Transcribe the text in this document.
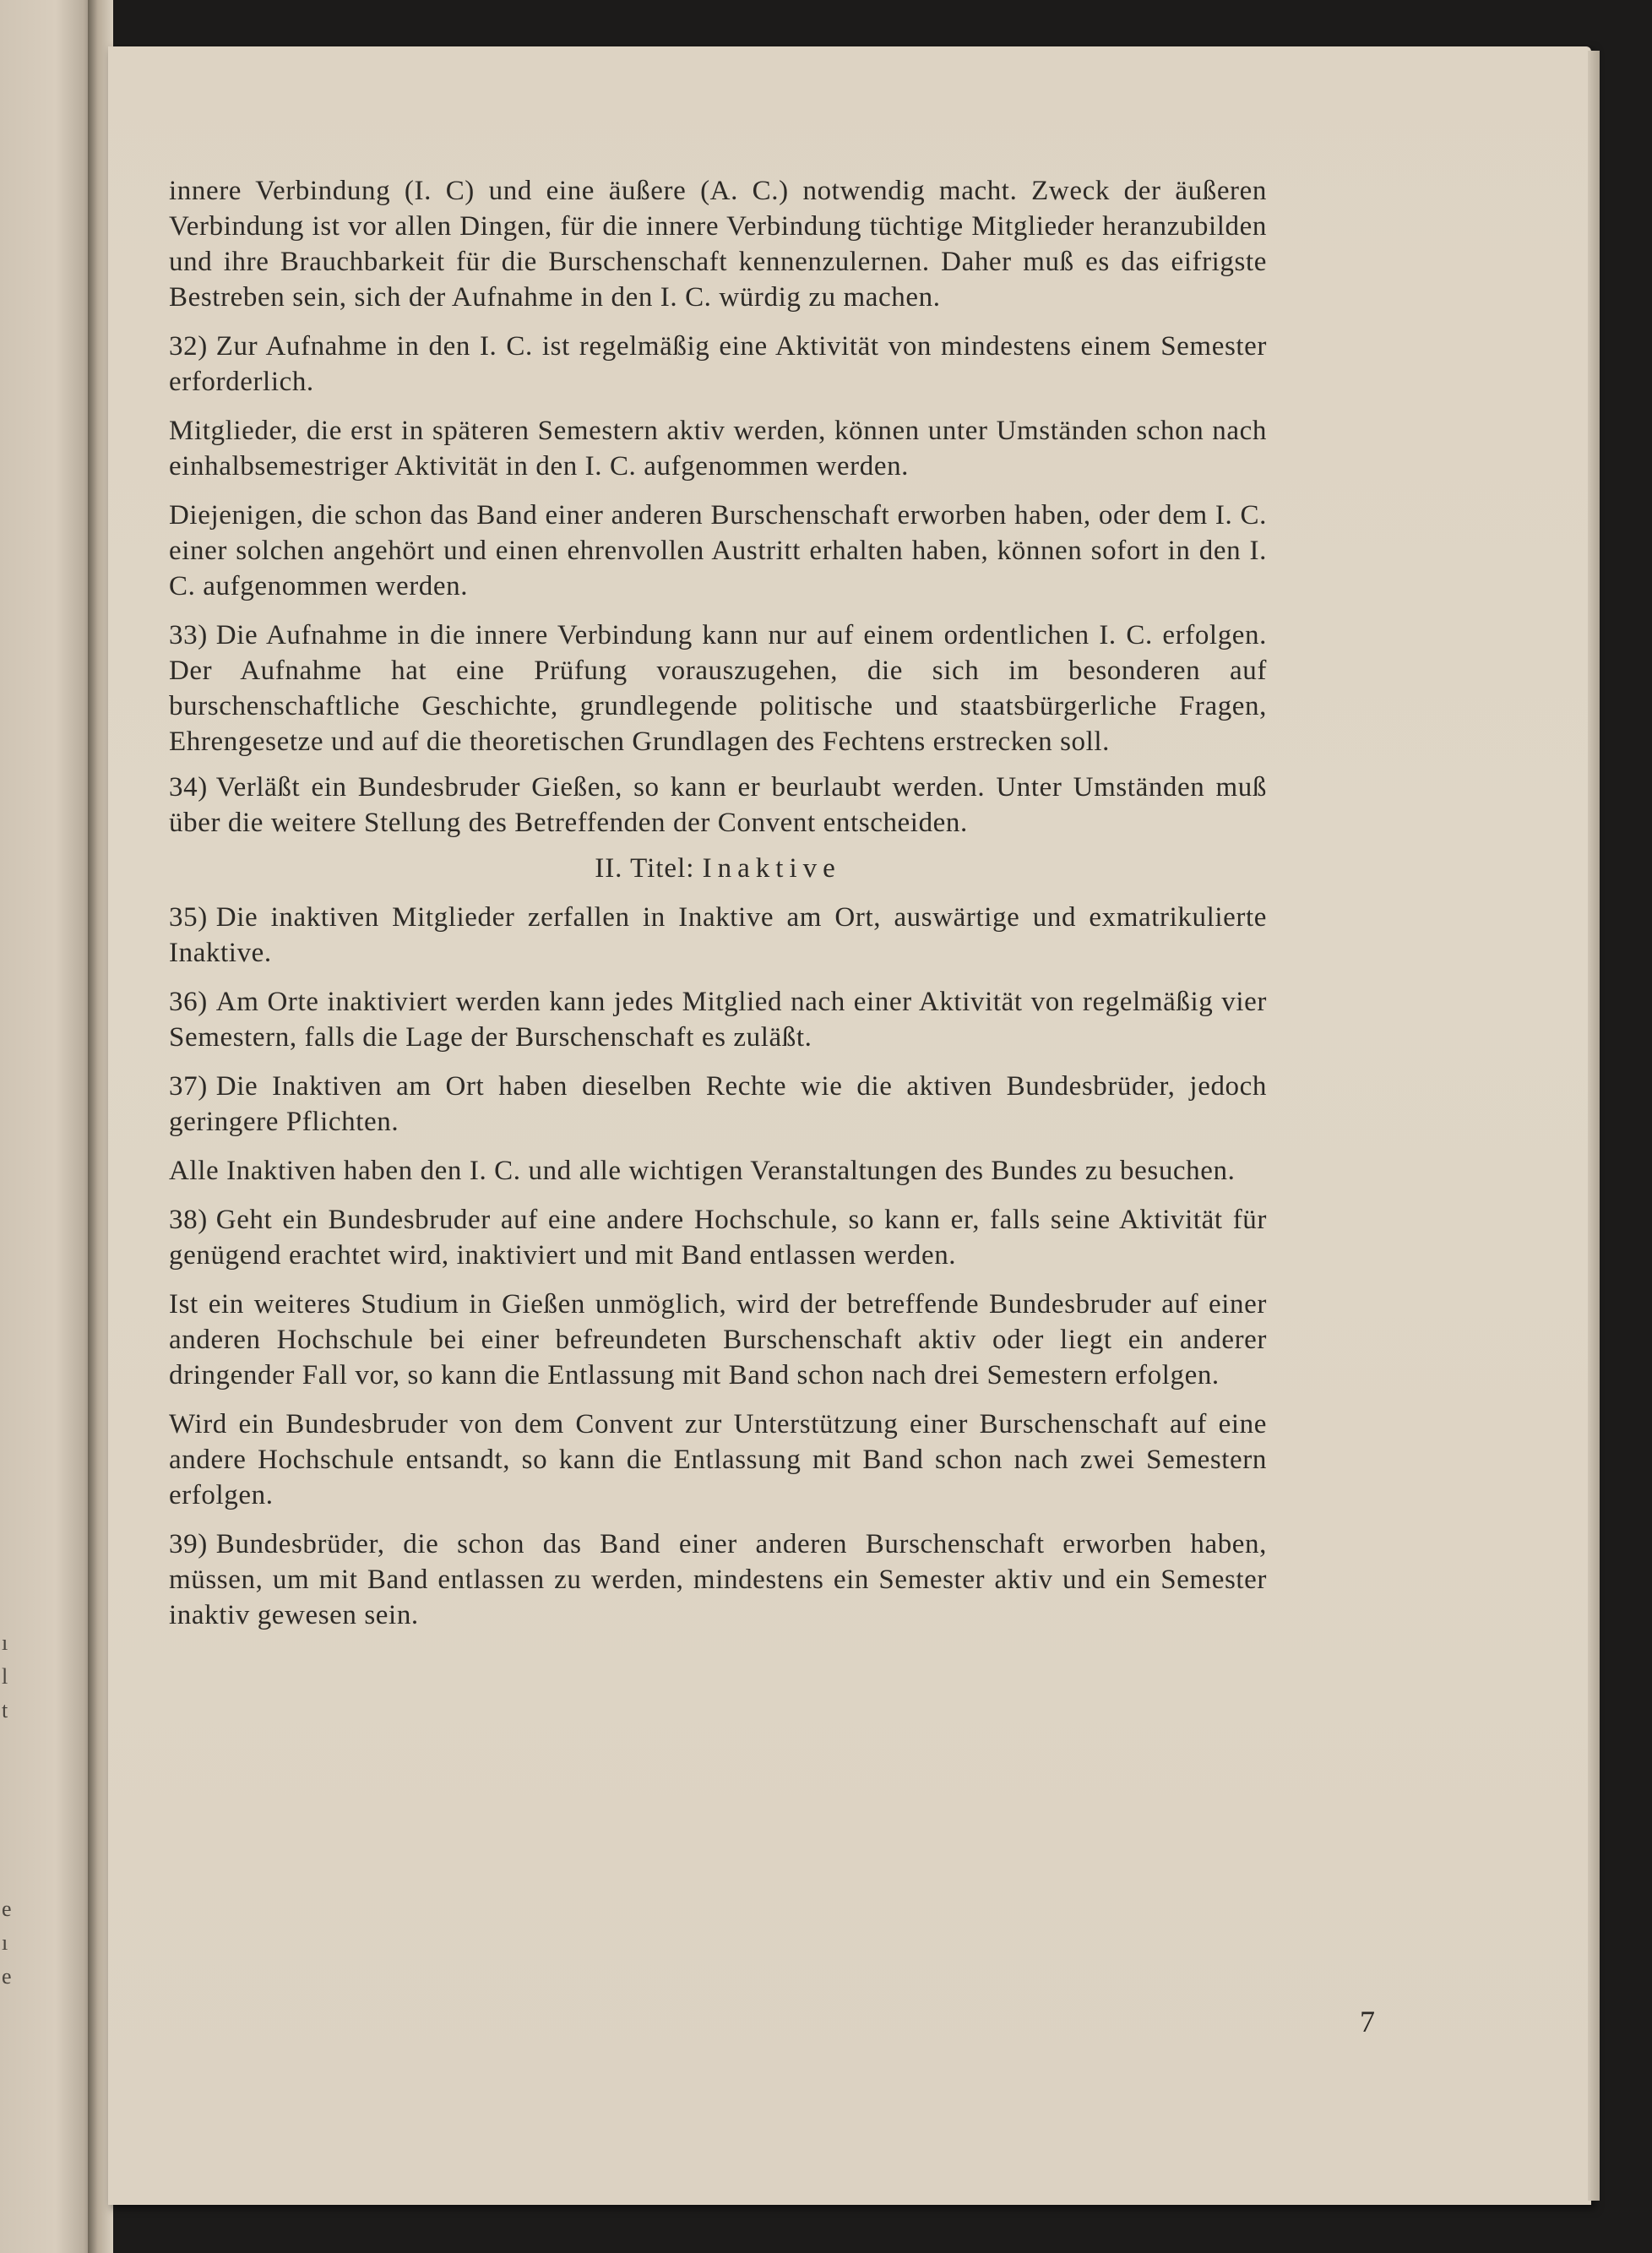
ı
l
t
e
ı
e

innere Verbindung (I. C) und eine äußere (A. C.) notwendig macht. Zweck der äußeren Verbindung ist vor allen Dingen, für die innere Verbindung tüchtige Mitglieder heranzubilden und ihre Brauchbarkeit für die Burschenschaft kennenzulernen. Daher muß es das eifrigste Bestreben sein, sich der Aufnahme in den I. C. würdig zu machen.

32) Zur Aufnahme in den I. C. ist regelmäßig eine Aktivität von mindestens einem Semester erforderlich.

Mitglieder, die erst in späteren Semestern aktiv werden, können unter Umständen schon nach einhalbsemestriger Aktivität in den I. C. aufgenommen werden.

Diejenigen, die schon das Band einer anderen Burschenschaft erworben haben, oder dem I. C. einer solchen angehört und einen ehrenvollen Austritt erhalten haben, können sofort in den I. C. aufgenommen werden.

33) Die Aufnahme in die innere Verbindung kann nur auf einem ordentlichen I. C. erfolgen. Der Aufnahme hat eine Prüfung vorauszugehen, die sich im besonderen auf burschenschaftliche Geschichte, grundlegende politische und staatsbürgerliche Fragen, Ehrengesetze und auf die theoretischen Grundlagen des Fechtens erstrecken soll.

34) Verläßt ein Bundesbruder Gießen, so kann er beurlaubt werden. Unter Umständen muß über die weitere Stellung des Betreffenden der Convent entscheiden.

II. Titel: Inaktive

35) Die inaktiven Mitglieder zerfallen in Inaktive am Ort, auswärtige und exmatrikulierte Inaktive.

36) Am Orte inaktiviert werden kann jedes Mitglied nach einer Aktivität von regelmäßig vier Semestern, falls die Lage der Burschenschaft es zuläßt.

37) Die Inaktiven am Ort haben dieselben Rechte wie die aktiven Bundesbrüder, jedoch geringere Pflichten.

Alle Inaktiven haben den I. C. und alle wichtigen Veranstaltungen des Bundes zu besuchen.

38) Geht ein Bundesbruder auf eine andere Hochschule, so kann er, falls seine Aktivität für genügend erachtet wird, inaktiviert und mit Band entlassen werden.

Ist ein weiteres Studium in Gießen unmöglich, wird der betreffende Bundesbruder auf einer anderen Hochschule bei einer befreundeten Burschenschaft aktiv oder liegt ein anderer dringender Fall vor, so kann die Entlassung mit Band schon nach drei Semestern erfolgen.

Wird ein Bundesbruder von dem Convent zur Unterstützung einer Burschenschaft auf eine andere Hochschule entsandt, so kann die Entlassung mit Band schon nach zwei Semestern erfolgen.

39) Bundesbrüder, die schon das Band einer anderen Burschenschaft erworben haben, müssen, um mit Band entlassen zu werden, mindestens ein Semester aktiv und ein Semester inaktiv gewesen sein.

7
